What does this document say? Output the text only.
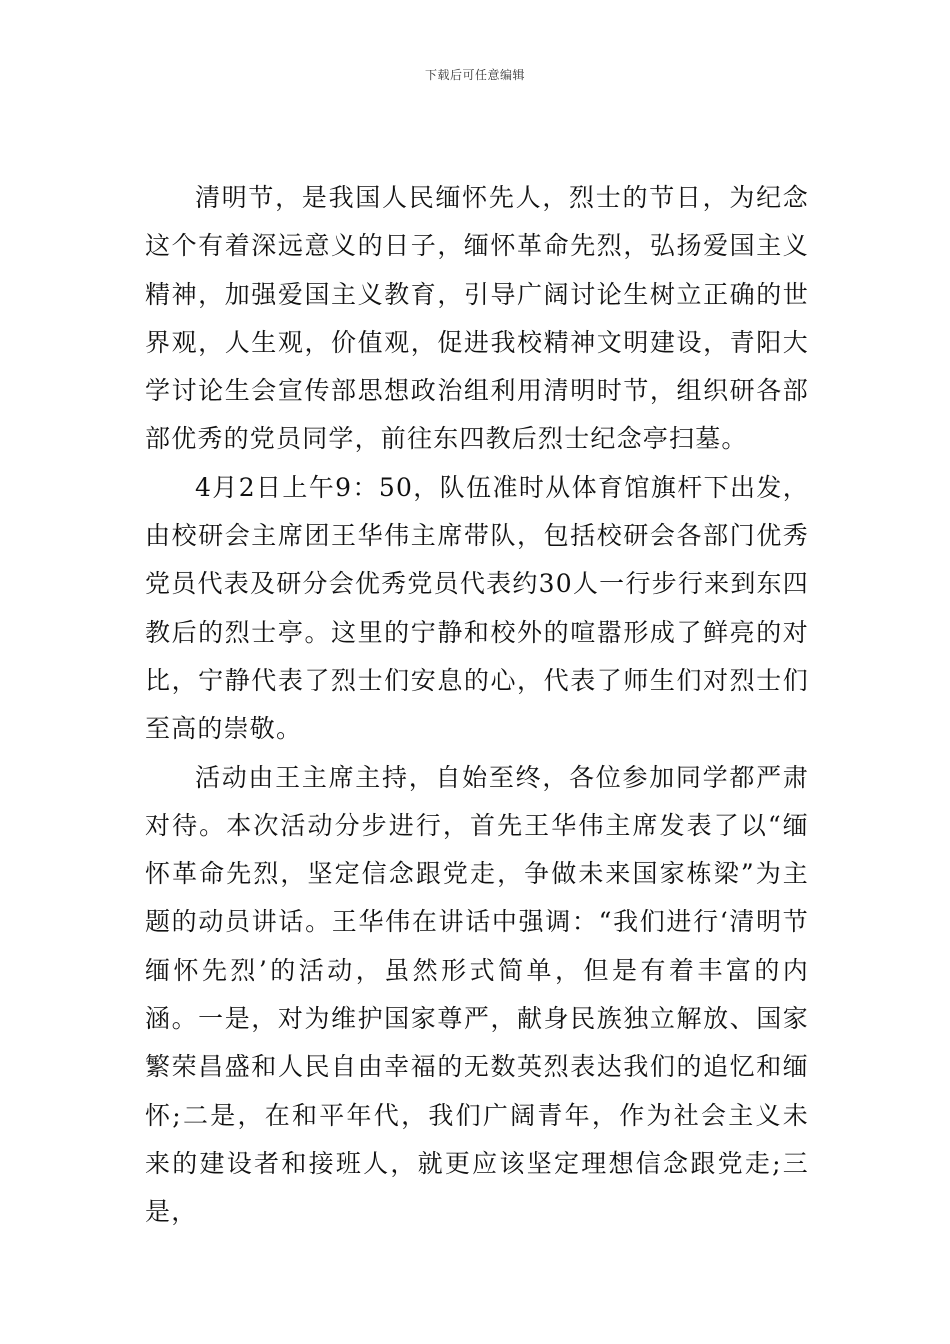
下载后可任意编辑

清明节，是我国人民缅怀先人，烈士的节日，为纪念这个有着深远意义的日子，缅怀革命先烈，弘扬爱国主义精神，加强爱国主义教育，引导广阔讨论生树立正确的世界观，人生观，价值观，促进我校精神文明建设，青阳大学讨论生会宣传部思想政治组利用清明时节，组织研各部部优秀的党员同学，前往东四教后烈士纪念亭扫墓。

4月2日上午9：50，队伍准时从体育馆旗杆下出发，由校研会主席团王华伟主席带队，包括校研会各部门优秀党员代表及研分会优秀党员代表约30人一行步行来到东四教后的烈士亭。这里的宁静和校外的喧嚣形成了鲜亮的对比，宁静代表了烈士们安息的心，代表了师生们对烈士们至高的崇敬。

活动由王主席主持，自始至终，各位参加同学都严肃对待。本次活动分步进行，首先王华伟主席发表了以“缅怀革命先烈，坚定信念跟党走，争做未来国家栋梁”为主题的动员讲话。王华伟在讲话中强调：“我们进行‘清明节缅怀先烈’的活动，虽然形式简单，但是有着丰富的内涵。一是，对为维护国家尊严，献身民族独立解放、国家繁荣昌盛和人民自由幸福的无数英烈表达我们的追忆和缅怀;二是，在和平年代，我们广阔青年，作为社会主义未来的建设者和接班人，就更应该坚定理想信念跟党走;三是，
